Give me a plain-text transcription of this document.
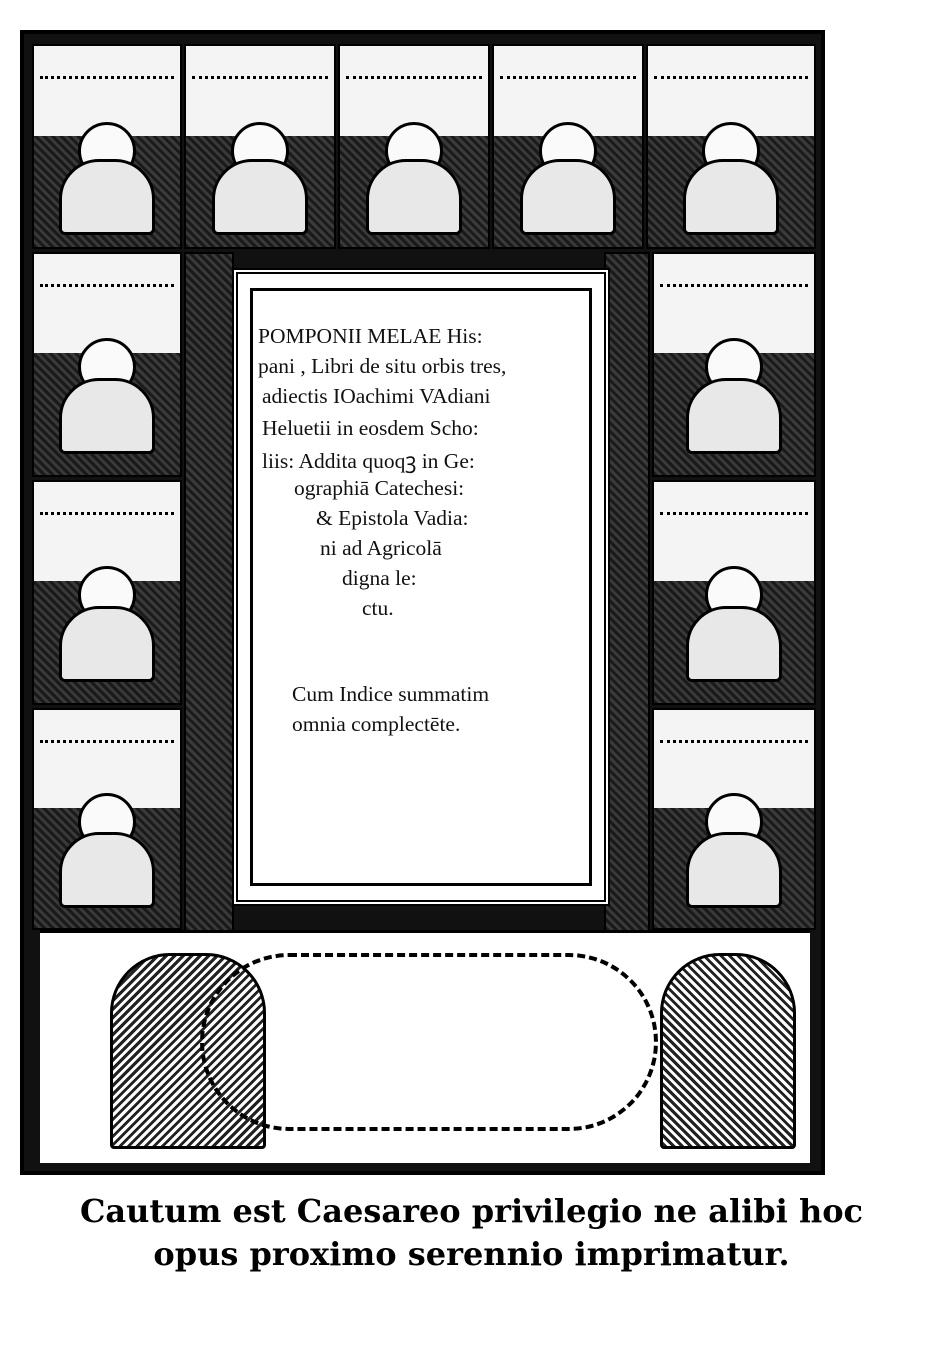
POMPONII MELAE His:
pani , Libri de situ orbis tres,
adiectis IOachimi VAdiani
Heluetii in eosdem Scho:
liis: Addita quoqꝫ in Ge:
ographiā Catechesi:
& Epistola Vadia:
ni ad Agricolā
digna le:
ctu.
Cum Indice summatim
omnia complectēte.
Cautum est Caesareo privilegio ne alibi hoc
opus proximo serennio imprimatur.
